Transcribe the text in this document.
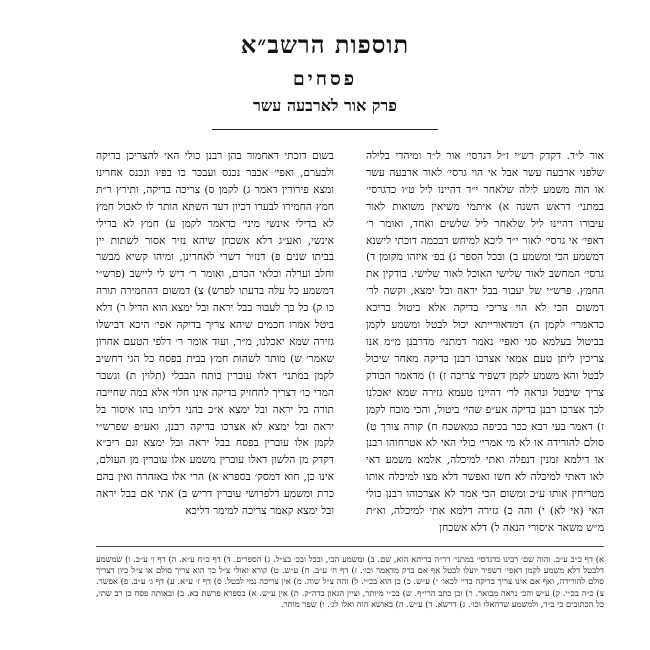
תוספות הרשב״א
פסחים
פרק אור לארבעה עשר

אור ל״ד. דקדק רש״י ז״ל דגרסי׳ אור ל״ד ומיהדי בלילה שלפני ארבעה עשר אבל אי הוי גרסי׳ לאור ארבעה עשר או הוה משמע לילה שלאחר י״ד דהיינו ליל ט״ו כדגרסי׳ במתני׳ דראש השנה א) איתמי משיאין משואות לאור עיבורו דהיינו ליל שלאחר ליל שלשים ואחד, ואומר ר׳ דאפי׳ אי גרסי׳ לאור י״ד ליכא למיחש דבכמה דוכתי לישנא דמשמע הכי ומשמע ב) ובכל הספר ג) בפ׳ איזהו מקומן ד) גרסי׳ המחשב לאור שלישי האוכל לאור שלישי. בודקין את החמץ. פרש״י של יעבור בבל יראה ובל ימצא, וקשה לר׳ דמשום הכי לא הוי צריכי בדיקה אלא ביטול בריכא כדאמרי׳ לקמן ה) דמדאורייתא יכול לבטל ומשמע לקמן בביטול בעלמא סגי ואפי׳ נאמר דמתני׳ מדרבנן מ״מ אנו צריכין ליתן טעם אמאי אצרכו רבנן בדיקה מאחר שיכול לבטל והא משמע לקמן דשפיר צריכה ז) ו) מדאמר הבודק צריך שיבטל ונראה לר׳ דהיינו טעמא גזירה שמא יאכלנו לכך אצרכו רבנן בדיקה אע״פ שהי׳ ביטול, והכי מוכח לקמן ז) דאמר בעי רבא ככר בכיפה כמאשכח ח) קורה צורך ט) סולם להורידה או לא מי אמרי׳ כולי האי לא אטרחוהו רבנן או דילמא זמנין דנפלה ואתי למיכלה, אלמא משמע דאי לאו דאתי למיכלה לא חשו ואפשר דלא מצו למיכלה אותו מטריחין אותו ע״כ ומשום הכי אמר לא אצרכוהו רבנן כולי האי (אי לא) י) והה כ) גזירה דלמא אתי למיכלה, וא״ת מ״ש משאר איסורי הנאה ל) דלא אשכחן

בשום דוכתי דאחמור בהן רבנן כולי האי להצריכן בדיקה ולבערם, ואפי׳ אכבר נכנס ועבכר כו בפיו ונכנס אחרינו ומצא פירורין דאמר ג) לקמן ס) צריכה בדיקה, ותירץ ר״ת חמץ החמירו לבערו דכיון דעד השתא הותר לו לאכול חמץ לא בדילי אינשי מיני׳ כדאמר לקמן ע) חמץ לא בדילי אינשי, ואע״ג דלא אשכחן שיהא נזיר אסור לשתות יין בביתו שנים פ) דנזיר דשרי לאחרינן, ומיהו קשיא מבשר וחלב וערלה וכלאי הכרם, ואומר ר׳ דיש לי ליישב (פרש״י דמשמע כל עלה בדעתו לפרש) צ) דמשום דהחמירה תורה כו ק) כל כך לעבור בבל יראה ובל ימצא הוא הדיל ר) דלא ביטל אמרו חכמים שיהא צריך בדיקה אפי׳ היכא דבישלו גזירה שמא יאכלנו, מ״ר, ועוד אומר ר׳ דלפי הטעם אחרון שאמר׳ ש) מותר לשהות חמץ בבית בפסח כל הגי דחשיב לקמן במתני׳ דאלו עוברין כותח הבבלי (תלוין ת) וגשבר המדי כו׳ דצריך להחזיק בדיקה אינו חלוי אלא במה שחייבה תורה בל יראה ובל ימצא א״כ בהני דליתו בהו איסור בל יראה ובל ימצא לא אצרכו בדיקה רבנן, ואע״פ שפרש״י לקמן אלו עוברין בפסח בבל יראה ובל ימצא וגם ריב״א דקדק מן הלשון דאלו עוברין משמע אלו עוברין מן העולם, אינו כן, חוא דמסק׳ בספרא א) הרי אלו באזהרה ואין בהם כרת ומשמע דלפרושי עוברין דריש ב) אתי אם בבל יראה ובל ימצא קאמר צריכה למימר דליכא

א) דף כ״ב ע״ב. והוה שם׳ רבינו כדגרסי׳ במתני׳ דר״ה בריתא הוא, שם. ב) ומשמע הכי, ובכל ובכ׳ בצ״ל. ג) הספרים. ד) דף כ״ח ע״א. ה) דף ו׳ ע״ב. ו) שמשמע דלבטל דלא משמע לקמן דאפי׳ דשפיר יועלו לבטל אף אם ברק מדאמר וכו׳. ז) דף ח׳ ע״ב. ח) ע״ש. ט) קורא ואולי צ״ל כך הוא צריך סולם או צ״ל כיון דצריך סולם להורידה, ואף אם אינו צריך בדיקה בדי׳ לכאו׳ י) ע״ש. כ) כן הוא בכ״י. ל) והה צ״ל שוה. מ) אין צריכה נמי לבטל. ס) דף ז׳ ע״א. ע) דף ג׳ ע״ב. פ) אפשר. צ) כ״ה בכ״י. ק) ע״ש והכ׳ נראה מבואר. ר) וכן כתב הרי״ף. ש) בכ״י מיותר, וציין הגאון בדה״ק. ת) אין ע״ש. א) בספרא פרשת בא. ב) ובאותה פסח כן רב שתי, כל הכתובים כי ב״ד, ולמשמע שדהאלו וכו׳. ג) דרשא. ד) ע״ש. ה) באושא הוה ואלו לג׳. ו) שפר מותר.
